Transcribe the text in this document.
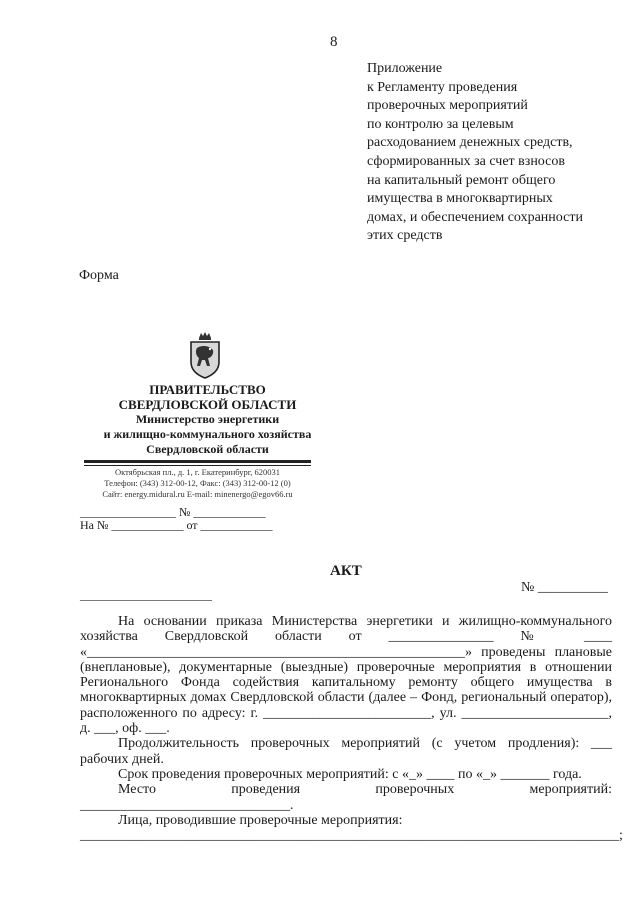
8
Приложение
к Регламенту проведения
проверочных мероприятий
по контролю за целевым
расходованием денежных средств,
сформированных за счет взносов
на капитальный ремонт общего
имущества в многоквартирных
домах, и обеспечением сохранности
этих средств
Форма
ПРАВИТЕЛЬСТВО
СВЕРДЛОВСКОЙ ОБЛАСТИ
Министерство энергетики
и жилищно-коммунального хозяйства
Свердловской области
Октябрьская пл., д. 1, г. Екатеринбург, 620031
Телефон: (343) 312-00-12, Факс: (343) 312-00-12 (0)
Сайт: energy.midural.ru E-mail: minenergo@egov66.ru
________________ № ____________
На № ____________ от ____________
АКТ
______________________	№ __________

На основании приказа Министерства энергетики и жилищно-коммунального хозяйства Свердловской области от _______________ № ____ «______________________________________________________» проведены плановые (внеплановые), документарные (выездные) проверочные мероприятия в отношении Регионального Фонда содействия капитальному ремонту общего имущества в многоквартирных домах Свердловской области (далее – Фонд, региональный оператор), расположенного по адресу: г. ________________________, ул. _____________________, д. ___, оф. ___.

Продолжительность проверочных мероприятий (с учетом продления): ___ рабочих дней.

Срок проведения проверочных мероприятий: с «_» ____ по «_» _______ года.

Место проведения проверочных мероприятий: ______________________________.

Лица, проводившие проверочные мероприятия:

_____________________________________________________________________________;
